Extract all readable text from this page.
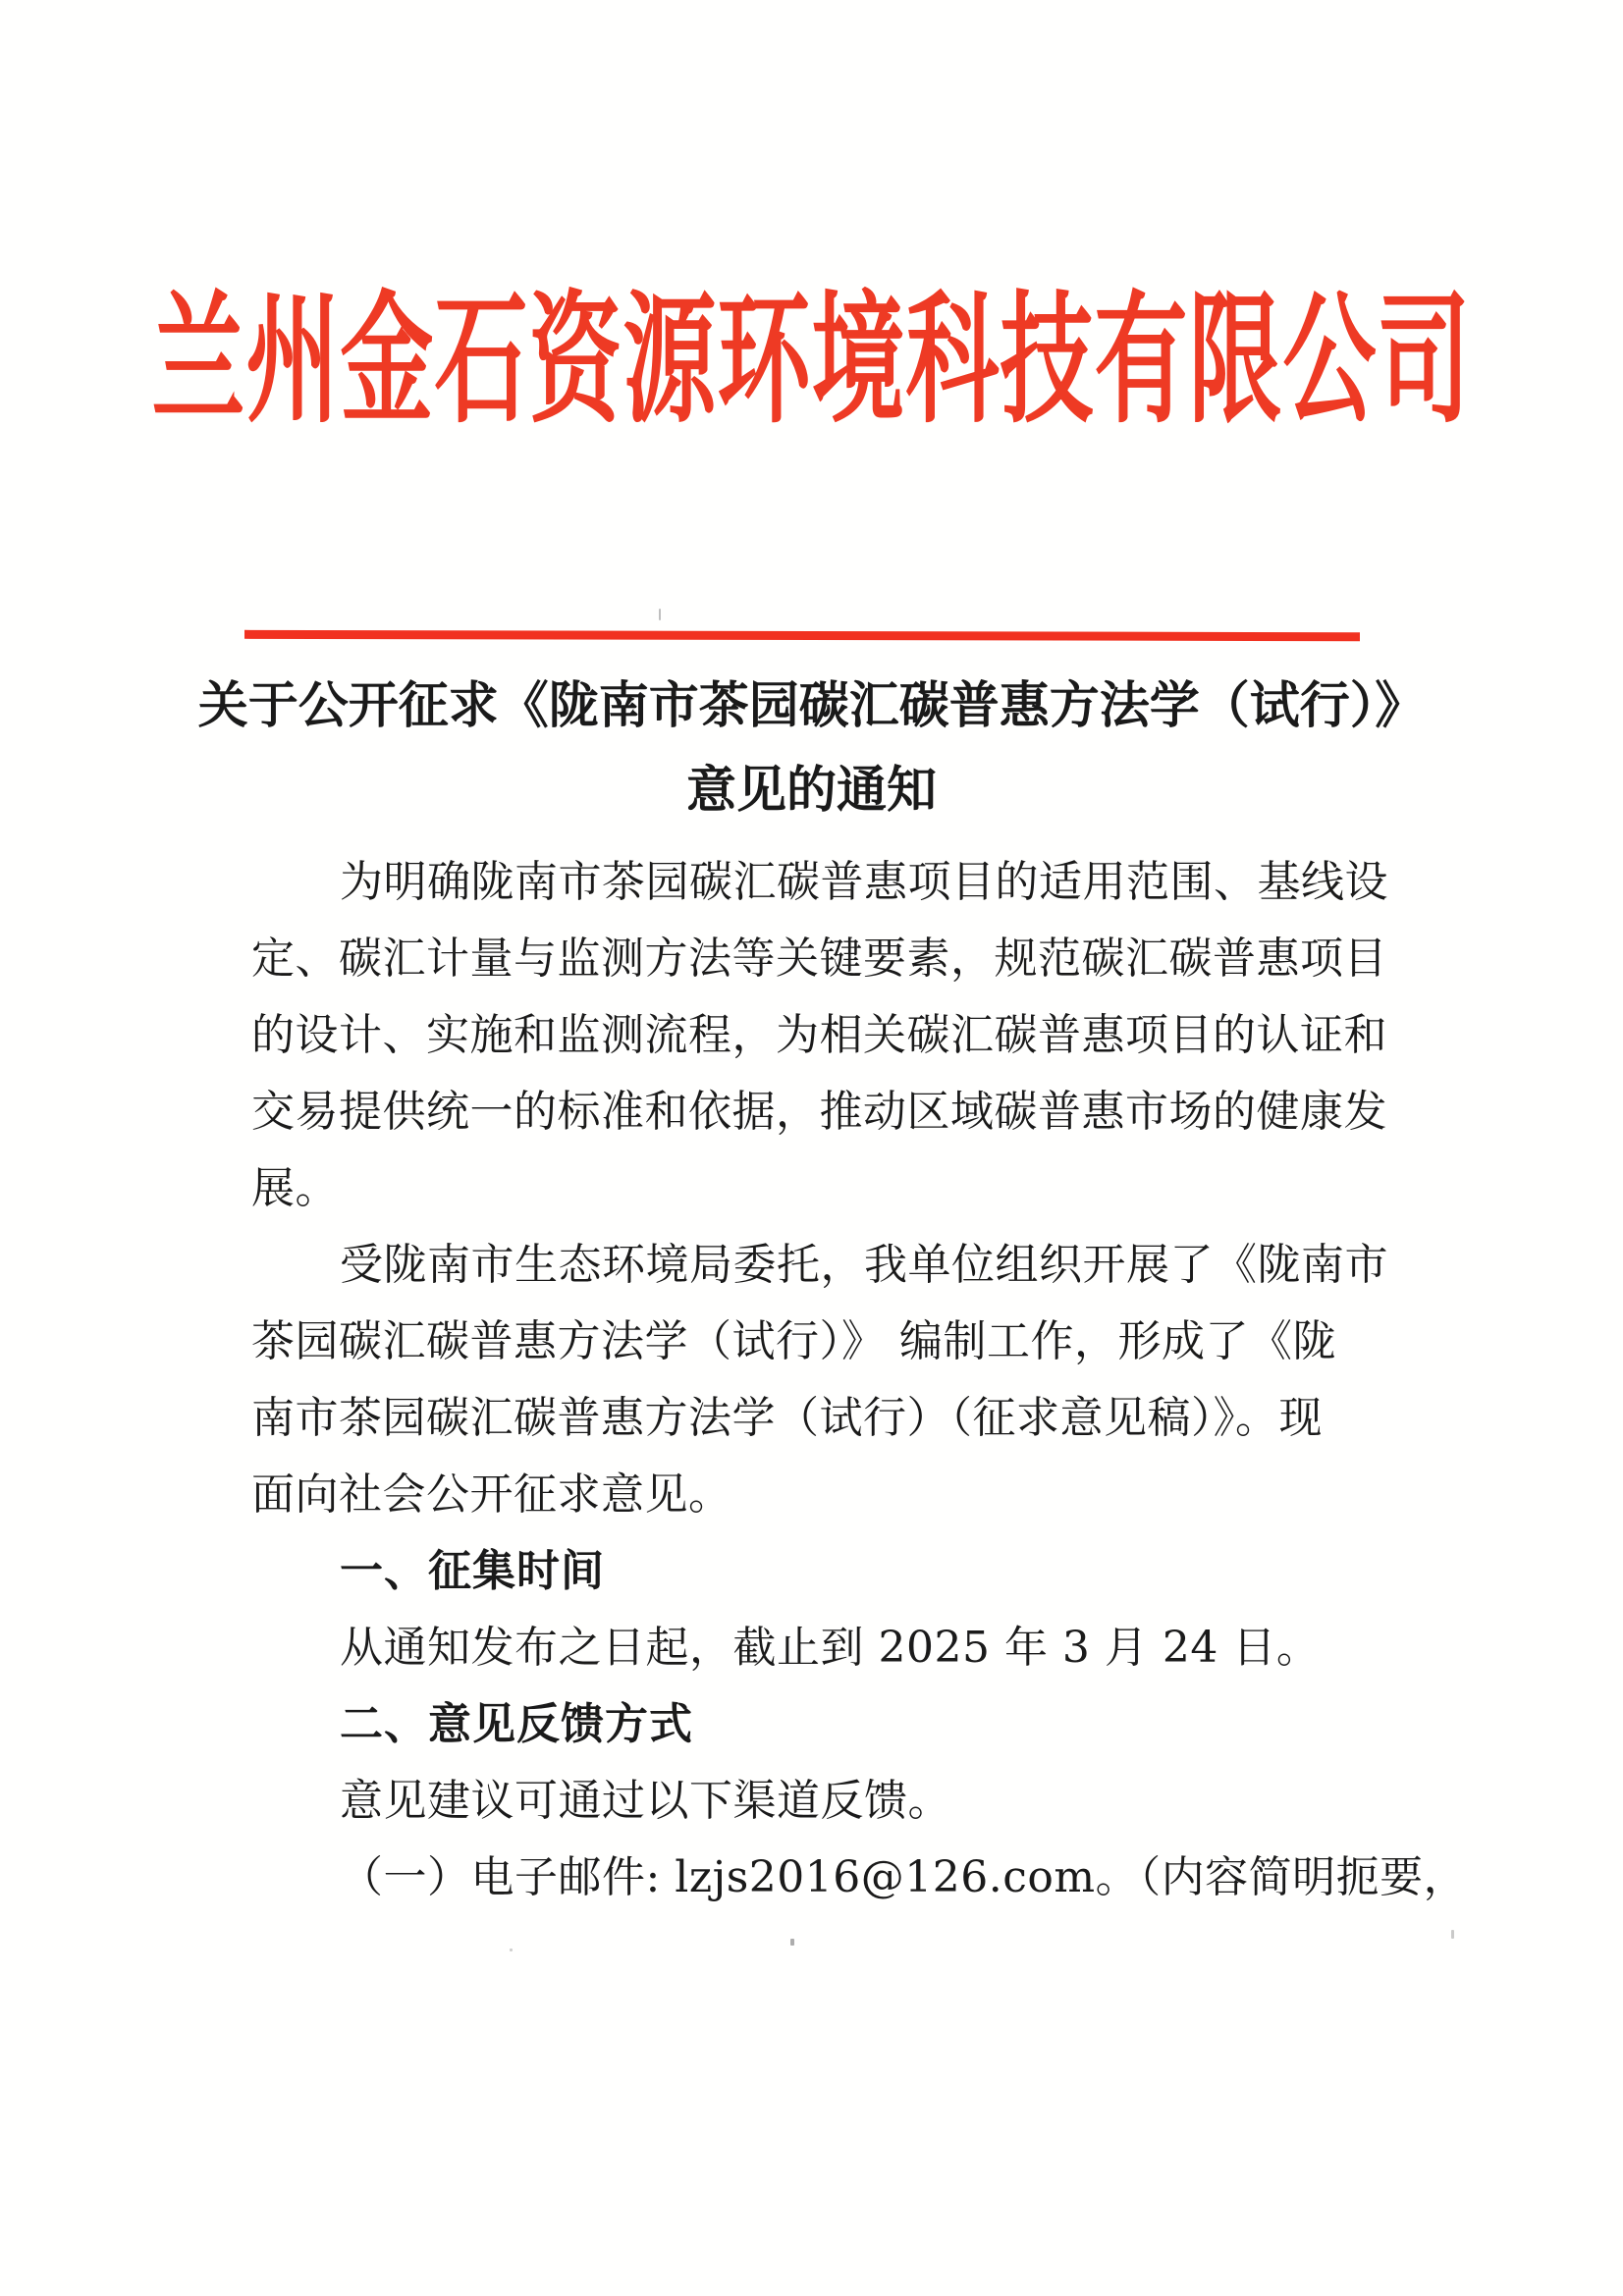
兰州金石资源环境科技有限公司
关于公开征求《陇南市茶园碳汇碳普惠方法学（试行）》
意见的通知
为明确陇南市茶园碳汇碳普惠项目的适用范围、基线设
定、碳汇计量与监测方法等关键要素，规范碳汇碳普惠项目
的设计、实施和监测流程，为相关碳汇碳普惠项目的认证和
交易提供统一的标准和依据，推动区域碳普惠市场的健康发
展。
受陇南市生态环境局委托，我单位组织开展了《陇南市
茶园碳汇碳普惠方法学（试行）》 编制工作，形成了《陇
南市茶园碳汇碳普惠方法学（试行）（征求意见稿）》。现
面向社会公开征求意见。
一、征集时间
从通知发布之日起，截止到 2025 年 3 月 24 日。
二、意见反馈方式
意见建议可通过以下渠道反馈。
（一）电子邮件: lzjs2016@126.com。（内容简明扼要，
